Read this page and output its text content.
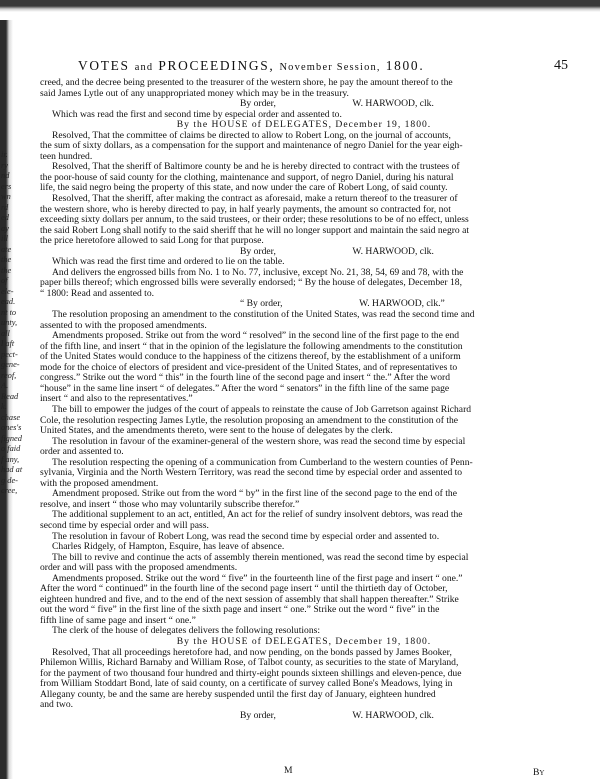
ir.
ry
nd
ers
wn
rd
ed
ay
ill
ate
the
the
of
ele-
ead.
nt to
unty,
all
l aft
pect-
gene-
reof,
A.
Read
k.
chase
ones's
figned
o faid
f any,
had at
g de-
cree,
VOTES and PROCEEDINGS, November Session, 1800.	45
creed, and the decree being presented to the treasurer of the western shore, he pay the amount thereof to the
said James Lytle out of any unappropriated money which may be in the treasury.
By order,                                W. HARWOOD, clk.
Which was read the first and second time by especial order and assented to.
By the HOUSE of DELEGATES, December 19, 1800.
Resolved, That the committee of claims be directed to allow to Robert Long, on the journal of accounts,
the sum of sixty dollars, as a compensation for the support and maintenance of negro Daniel for the year eigh-
teen hundred.
Resolved, That the sheriff of Baltimore county be and he is hereby directed to contract with the trustees of
the poor-house of said county for the clothing, maintenance and support, of negro Daniel, during his natural
life, the said negro being the property of this state, and now under the care of Robert Long, of said county.
Resolved, That the sheriff, after making the contract as aforesaid, make a return thereof to the treasurer of
the western shore, who is hereby directed to pay, in half yearly payments, the amount so contracted for, not
exceeding sixty dollars per annum, to the said trustees, or their order; these resolutions to be of no effect, unless
the said Robert Long shall notify to the said sheriff that he will no longer support and maintain the said negro at
the price heretofore allowed to said Long for that purpose.
By order,                                W. HARWOOD, clk.
Which was read the first time and ordered to lie on the table.
And delivers the engrossed bills from No. 1 to No. 77, inclusive, except No. 21, 38, 54, 69 and 78, with the
paper bills thereof; which engrossed bills were severally endorsed; “ By the house of delegates, December 18,
“ 1800: Read and assented to.
“ By order,                                W. HARWOOD, clk.”
The resolution proposing an amendment to the constitution of the United States, was read the second time and
assented to with the proposed amendments.
Amendments proposed. Strike out from the word “ resolved” in the second line of the first page to the end
of the fifth line, and insert “ that in the opinion of the legislature the following amendments to the constitution
of the United States would conduce to the happiness of the citizens thereof, by the establishment of a uniform
mode for the choice of electors of president and vice-president of the United States, and of representatives to
congress.” Strike out the word “ this” in the fourth line of the second page and insert “ the.” After the word
“house” in the same line insert “ of delegates.” After the word “ senators” in the fifth line of the same page
insert “ and also to the representatives.”
The bill to empower the judges of the court of appeals to reinstate the cause of Job Garretson against Richard
Cole, the resolution respecting James Lytle, the resolution proposing an amendment to the constitution of the
United States, and the amendments thereto, were sent to the house of delegates by the clerk.
The resolution in favour of the examiner-general of the western shore, was read the second time by especial
order and assented to.
The resolution respecting the opening of a communication from Cumberland to the western counties of Penn-
sylvania, Virginia and the North Western Territory, was read the second time by especial order and assented to
with the proposed amendment.
Amendment proposed. Strike out from the word “ by” in the first line of the second page to the end of the
resolve, and insert “ those who may voluntarily subscribe therefor.”
The additional supplement to an act, entitled, An act for the relief of sundry insolvent debtors, was read the
second time by especial order and will pass.
The resolution in favour of Robert Long, was read the second time by especial order and assented to.
Charles Ridgely, of Hampton, Esquire, has leave of absence.
The bill to revive and continue the acts of assembly therein mentioned, was read the second time by especial
order and will pass with the proposed amendments.
Amendments proposed. Strike out the word “ five” in the fourteenth line of the first page and insert “ one.”
After the word “ continued” in the fourth line of the second page insert “ until the thirtieth day of October,
eighteen hundred and five, and to the end of the next session of assembly that shall happen thereafter.” Strike
out the word “ five” in the first line of the sixth page and insert “ one.” Strike out the word “ five” in the
fifth line of same page and insert “ one.”
The clerk of the house of delegates delivers the following resolutions:
By the HOUSE of DELEGATES, December 19, 1800.
Resolved, That all proceedings heretofore had, and now pending, on the bonds passed by James Booker,
Philemon Willis, Richard Barnaby and William Rose, of Talbot county, as securities to the state of Maryland,
for the payment of two thousand four hundred and thirty-eight pounds sixteen shillings and eleven-pence, due
from William Stoddart Bond, late of said county, on a certificate of survey called Bone's Meadows, lying in
Allegany county, be and the same are hereby suspended until the first day of January, eighteen hundred
and two.
By order,                                W. HARWOOD, clk.
M	By
